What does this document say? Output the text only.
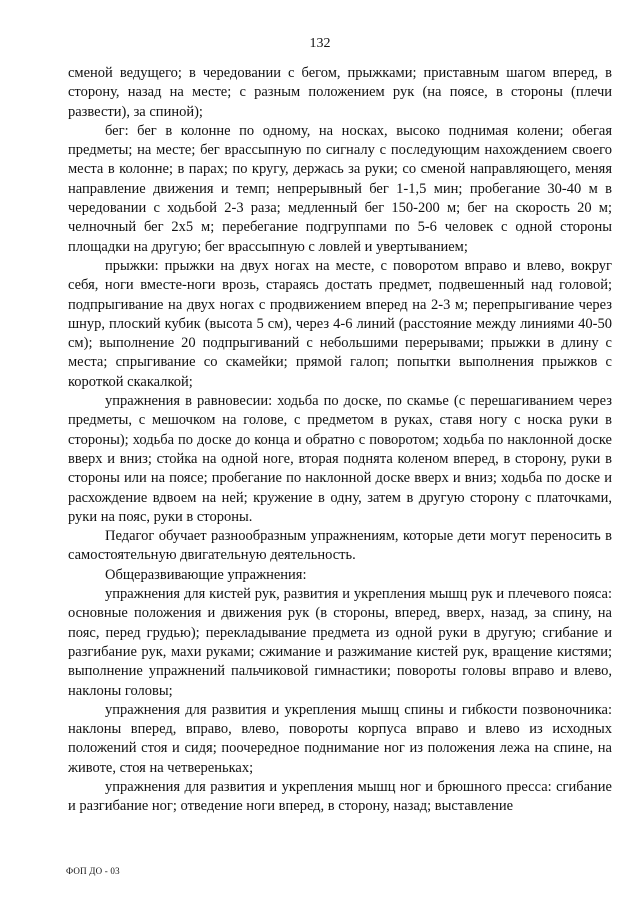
132

сменой ведущего; в чередовании с бегом, прыжками; приставным шагом вперед, в сторону, назад на месте; с разным положением рук (на поясе, в стороны (плечи развести), за спиной);

бег: бег в колонне по одному, на носках, высоко поднимая колени; обегая предметы; на месте; бег врассыпную по сигналу с последующим нахождением своего места в колонне; в парах; по кругу, держась за руки; со сменой направляющего, меняя направление движения и темп; непрерывный бег 1-1,5 мин; пробегание 30-40 м в чередовании с ходьбой 2-3 раза; медленный бег 150-200 м; бег на скорость 20 м; челночный бег 2х5 м; перебегание подгруппами по 5-6 человек с одной стороны площадки на другую; бег врассыпную с ловлей и увертыванием;

прыжки: прыжки на двух ногах на месте, с поворотом вправо и влево, вокруг себя, ноги вместе-ноги врозь, стараясь достать предмет, подвешенный над головой; подпрыгивание на двух ногах с продвижением вперед на 2-3 м; перепрыгивание через шнур, плоский кубик (высота 5 см), через 4-6 линий (расстояние между линиями 40-50 см); выполнение 20 подпрыгиваний с небольшими перерывами; прыжки в длину с места; спрыгивание со скамейки; прямой галоп; попытки выполнения прыжков с короткой скакалкой;

упражнения в равновесии: ходьба по доске, по скамье (с перешагиванием через предметы, с мешочком на голове, с предметом в руках, ставя ногу с носка руки в стороны); ходьба по доске до конца и обратно с поворотом; ходьба по наклонной доске вверх и вниз; стойка на одной ноге, вторая поднята коленом вперед, в сторону, руки в стороны или на поясе; пробегание по наклонной доске вверх и вниз; ходьба по доске и расхождение вдвоем на ней; кружение в одну, затем в другую сторону с платочками, руки на пояс, руки в стороны.

Педагог обучает разнообразным упражнениям, которые дети могут переносить в самостоятельную двигательную деятельность.

Общеразвивающие упражнения:

упражнения для кистей рук, развития и укрепления мышц рук и плечевого пояса: основные положения и движения рук (в стороны, вперед, вверх, назад, за спину, на пояс, перед грудью); перекладывание предмета из одной руки в другую; сгибание и разгибание рук, махи руками; сжимание и разжимание кистей рук, вращение кистями; выполнение упражнений пальчиковой гимнастики; повороты головы вправо и влево, наклоны головы;

упражнения для развития и укрепления мышц спины и гибкости позвоночника: наклоны вперед, вправо, влево, повороты корпуса вправо и влево из исходных положений стоя и сидя; поочередное поднимание ног из положения лежа на спине, на животе, стоя на четвереньках;

упражнения для развития и укрепления мышц ног и брюшного пресса: сгибание и разгибание ног; отведение ноги вперед, в сторону, назад; выставление

ФОП ДО - 03
